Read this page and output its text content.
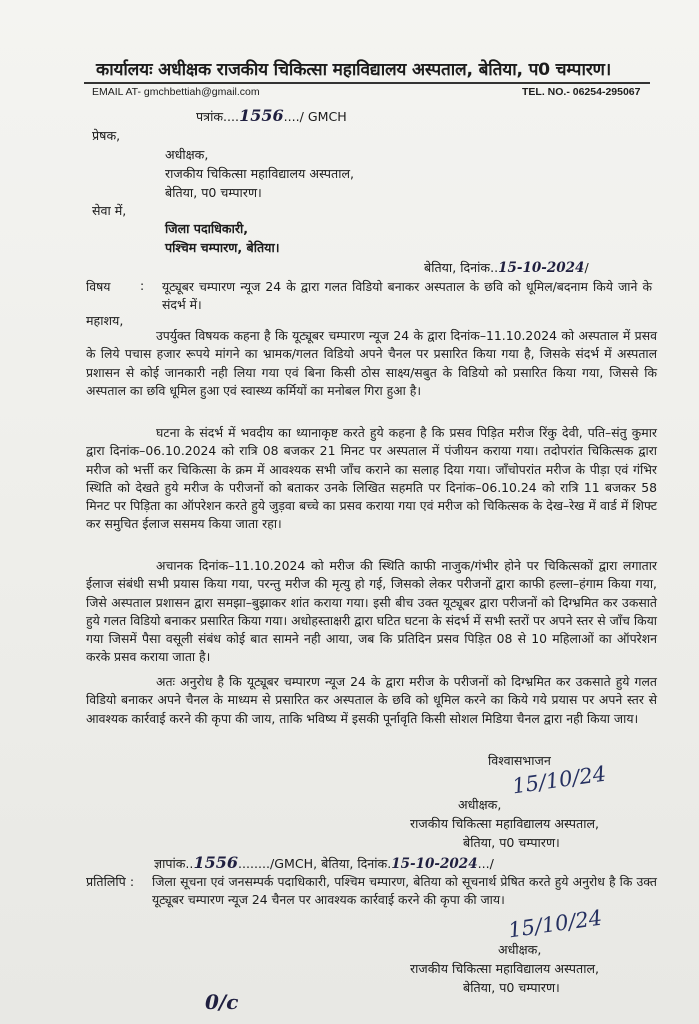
कार्यालयः अधीक्षक राजकीय चिकित्सा महाविद्यालय अस्पताल, बेतिया, प0 चम्पारण।
EMAIL AT- gmchbettiah@gmail.com	TEL. NO.- 06254-295067
पत्रांक....1556..../ GMCH
प्रेषक,
अधीक्षक,
राजकीय चिकित्सा महाविद्यालय अस्पताल,
बेतिया, प0 चम्पारण।
सेवा में,
जिला पदाधिकारी,
पश्चिम चम्पारण, बेतिया।
बेतिया, दिनांक..15-10-2024/
विषय : यूट्यूबर चम्पारण न्यूज 24 के द्वारा गलत विडियो बनाकर अस्पताल के छवि को धूमिल/बदनाम किये जाने के संदर्भ में।

महाशय,

उपर्युक्त विषयक कहना है कि यूट्यूबर चम्पारण न्यूज 24 के द्वारा दिनांक–11.10.2024 को अस्पताल में प्रसव के लिये पचास हजार रूपये मांगने का भ्रामक/गलत विडियो अपने चैनल पर प्रसारित किया गया है, जिसके संदर्भ में अस्पताल प्रशासन से कोई जानकारी नही लिया गया एवं बिना किसी ठोस साक्ष्य/सबुत के विडियो को प्रसारित किया गया, जिससे कि अस्पताल का छवि धूमिल हुआ एवं स्वास्थ्य कर्मियों का मनोबल गिरा हुआ है।

घटना के संदर्भ में भवदीय का ध्यानाकृष्ट करते हुये कहना है कि प्रसव पिड़ित मरीज रिंकु देवी, पति–संतु कुमार द्वारा दिनांक–06.10.2024 को रात्रि 08 बजकर 21 मिनट पर अस्पताल में पंजीयन कराया गया। तदोपरांत चिकित्सक द्वारा मरीज को भर्त्ती कर चिकित्सा के क्रम में आवश्यक सभी जाँच कराने का सलाह दिया गया। जाँचोपरांत मरीज के पीड़ा एवं गंभिर स्थिति को देखते हुये मरीज के परीजनों को बताकर उनके लिखित सहमति पर दिनांक–06.10.24 को रात्रि 11 बजकर 58 मिनट पर पिड़िता का ऑपरेशन करते हुये जुड़वा बच्चे का प्रसव कराया गया एवं मरीज को चिकित्सक के देख–रेख में वार्ड में शिफ्ट कर समुचित ईलाज ससमय किया जाता रहा।

अचानक दिनांक–11.10.2024 को मरीज की स्थिति काफी नाजुक/गंभीर होने पर चिकित्सकों द्वारा लगातार ईलाज संबंधी सभी प्रयास किया गया, परन्तु मरीज की मृत्यु हो गई, जिसको लेकर परीजनों द्वारा काफी हल्ला–हंगाम किया गया, जिसे अस्पताल प्रशासन द्वारा समझा–बुझाकर शांत कराया गया। इसी बीच उक्त यूट्यूबर द्वारा परीजनों को दिग्भ्रमित कर उकसाते हुये गलत विडियो बनाकर प्रसारित किया गया। अधोहस्ताक्षरी द्वारा घटित घटना के संदर्भ में सभी स्तरों पर अपने स्तर से जाँच किया गया जिसमें पैसा वसूली संबंध कोई बात सामने नही आया, जब कि प्रतिदिन प्रसव पिड़ित 08 से 10 महिलाओं का ऑपरेशन करके प्रसव कराया जाता है।

अतः अनुरोध है कि यूट्यूबर चम्पारण न्यूज 24 के द्वारा मरीज के परीजनों को दिग्भ्रमित कर उकसाते हुये गलत विडियो बनाकर अपने चैनल के माध्यम से प्रसारित कर अस्पताल के छवि को धूमिल करने का किये गये प्रयास पर अपने स्तर से आवश्यक कार्रवाई करने की कृपा की जाय, ताकि भविष्य में इसकी पूर्नावृति किसी सोशल मिडिया चैनल द्वारा नही किया जाय।

विश्वासभाजन
15/10/24
अधीक्षक,
राजकीय चिकित्सा महाविद्यालय अस्पताल,
बेतिया, प0 चम्पारण।
ज्ञापांक..1556......../GMCH, बेतिया, दिनांक.15-10-2024.../
प्रतिलिपि : जिला सूचना एवं जनसम्पर्क पदाधिकारी, पश्चिम चम्पारण, बेतिया को सूचनार्थ प्रेषित करते हुये अनुरोध है कि उक्त यूट्यूबर चम्पारण न्यूज 24 चैनल पर आवश्यक कार्रवाई करने की कृपा की जाय।

15/10/24
अधीक्षक,
राजकीय चिकित्सा महाविद्यालय अस्पताल,
बेतिया, प0 चम्पारण।
0/c
